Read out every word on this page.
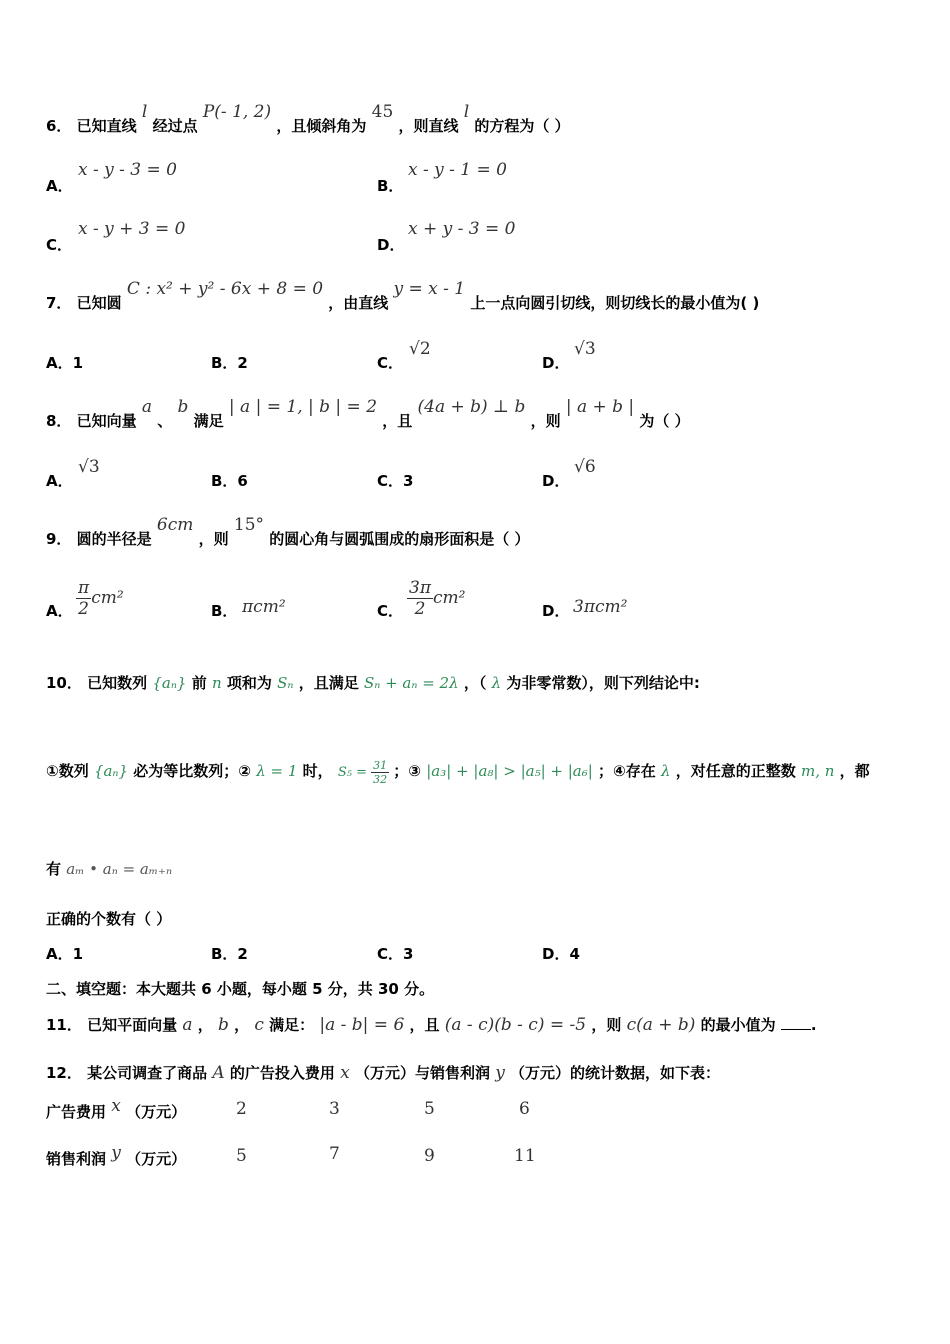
6． 已知直线 l 经过点 P(- 1, 2) ，且倾斜角为 45 ，则直线 l 的方程为（ ）
A．
x - y - 3 = 0
B．
x - y - 1 = 0
C．
x - y + 3 = 0
D．
x + y - 3 = 0
7． 已知圆 C : x² + y² - 6x + 8 = 0 ，由直线 y = x - 1 上一点向圆引切线，则切线长的最小值为( )
A．1	B．2	C．
√2
D．
√3
8． 已知向量 a 、 b 满足 | a | = 1, | b | = 2 ，且 (4a + b) ⊥ b ，则 | a + b | 为（ ）
A．
√3
B．6	C．3	D．
√6
9． 圆的半径是 6cm ，则 15° 的圆心角与圆弧围成的扇形面积是（ ）
A． $\frac{\pi}{2} cm^2$
B． πcm²	C． $\frac{3\pi}{2} cm^2$
D． 3πcm²
10． 已知数列 {aₙ} 前 n 项和为 Sₙ ，且满足 Sₙ + aₙ = 2λ ，（ λ 为非零常数），则下列结论中:
①数列 {aₙ} 必为等比数列；② λ = 1 时， $S_5 = \frac{31}{32}$ ；③ |a₃| + |a₈| > |a₅| + |a₆| ；④存在 λ ，对任意的正整数 m, n ，都
有 aₘ • aₙ = aₘ₊ₙ
正确的个数有（ ）
A．1	B．2	C．3	D．4
二、填空题：本大题共 6 小题，每小题 5 分，共 30 分。
11． 已知平面向量 a ， b ， c 满足： |a - b| = 6 ，且 (a - c)(b - c) = -5 ，则 c(a + b) 的最小值为 .
12． 某公司调查了商品 A 的广告投入费用 x （万元）与销售利润 y （万元）的统计数据，如下表：
广告费用 x （万元）	2	3	5	6
销售利润 y （万元）	5	7	9	11
